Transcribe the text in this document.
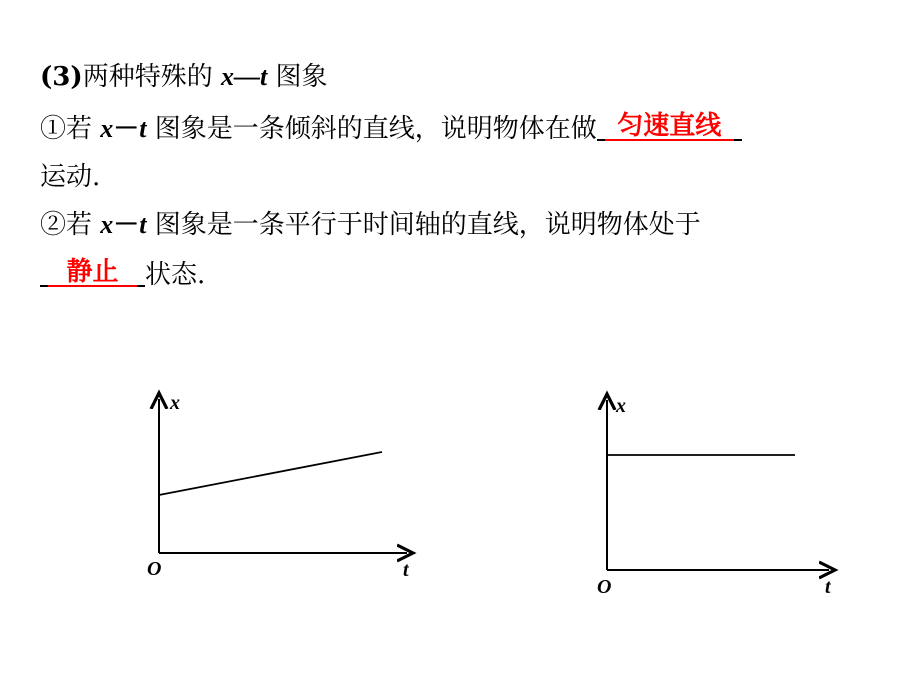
(3)两种特殊的 x—t 图象
①若 x－t 图象是一条倾斜的直线，说明物体在做 匀速直线
运动.
②若 x－t 图象是一条平行于时间轴的直线，说明物体处于
静止	状态.
x
t
O
x
t
O
